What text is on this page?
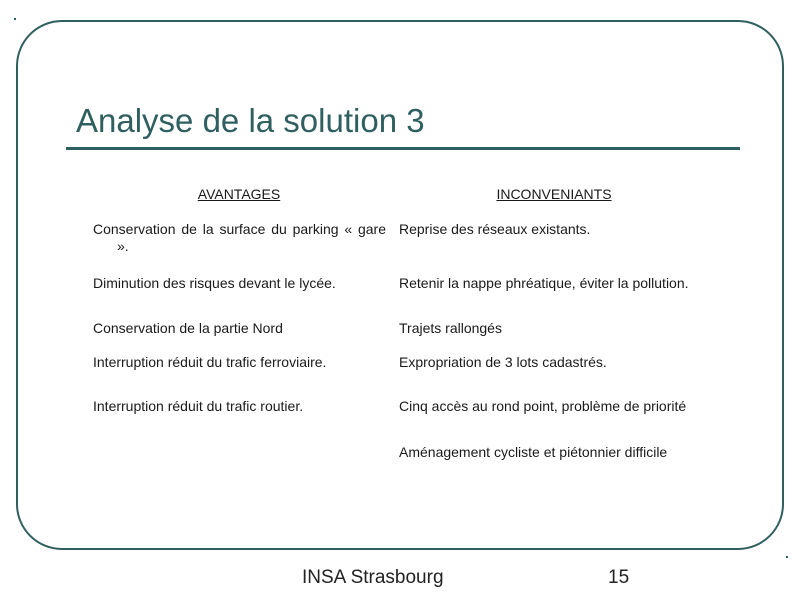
Analyse de la solution 3
AVANTAGES	INCONVENIANTS

Conservation de la surface du parking « gare ».	Reprise des réseaux existants.

Diminution des risques devant le lycée.	Retenir la nappe phréatique, éviter la pollution.

Conservation de la partie Nord	Trajets rallongés

Interruption réduit du trafic ferroviaire.	Expropriation de 3 lots cadastrés.

Interruption réduit du trafic routier.	Cinq accès au rond point, problème de priorité

	Aménagement cycliste et piétonnier difficile

INSA Strasbourg	15
